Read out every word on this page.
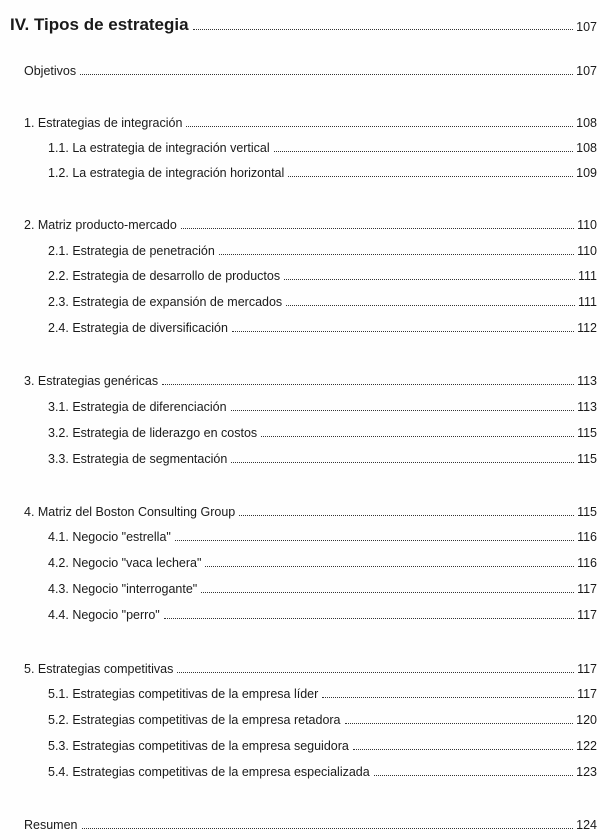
IV. Tipos de estrategia	107
Objetivos	107
1. Estrategias de integración	108
1.1. La estrategia de integración vertical	108
1.2. La estrategia de integración horizontal	109
2. Matriz producto-mercado	110
2.1. Estrategia de penetración	110
2.2. Estrategia de desarrollo de productos	111
2.3. Estrategia de expansión de mercados	111
2.4. Estrategia de diversificación	112
3. Estrategias genéricas	113
3.1. Estrategia de diferenciación	113
3.2. Estrategia de liderazgo en costos	115
3.3. Estrategia de segmentación	115
4. Matriz del Boston Consulting Group	115
4.1. Negocio "estrella"	116
4.2. Negocio "vaca lechera"	116
4.3. Negocio "interrogante"	117
4.4. Negocio "perro"	117
5. Estrategias competitivas	117
5.1. Estrategias competitivas de la empresa líder	117
5.2. Estrategias competitivas de la empresa retadora	120
5.3. Estrategias competitivas de la empresa seguidora	122
5.4. Estrategias competitivas de la empresa especializada	123
Resumen	124
